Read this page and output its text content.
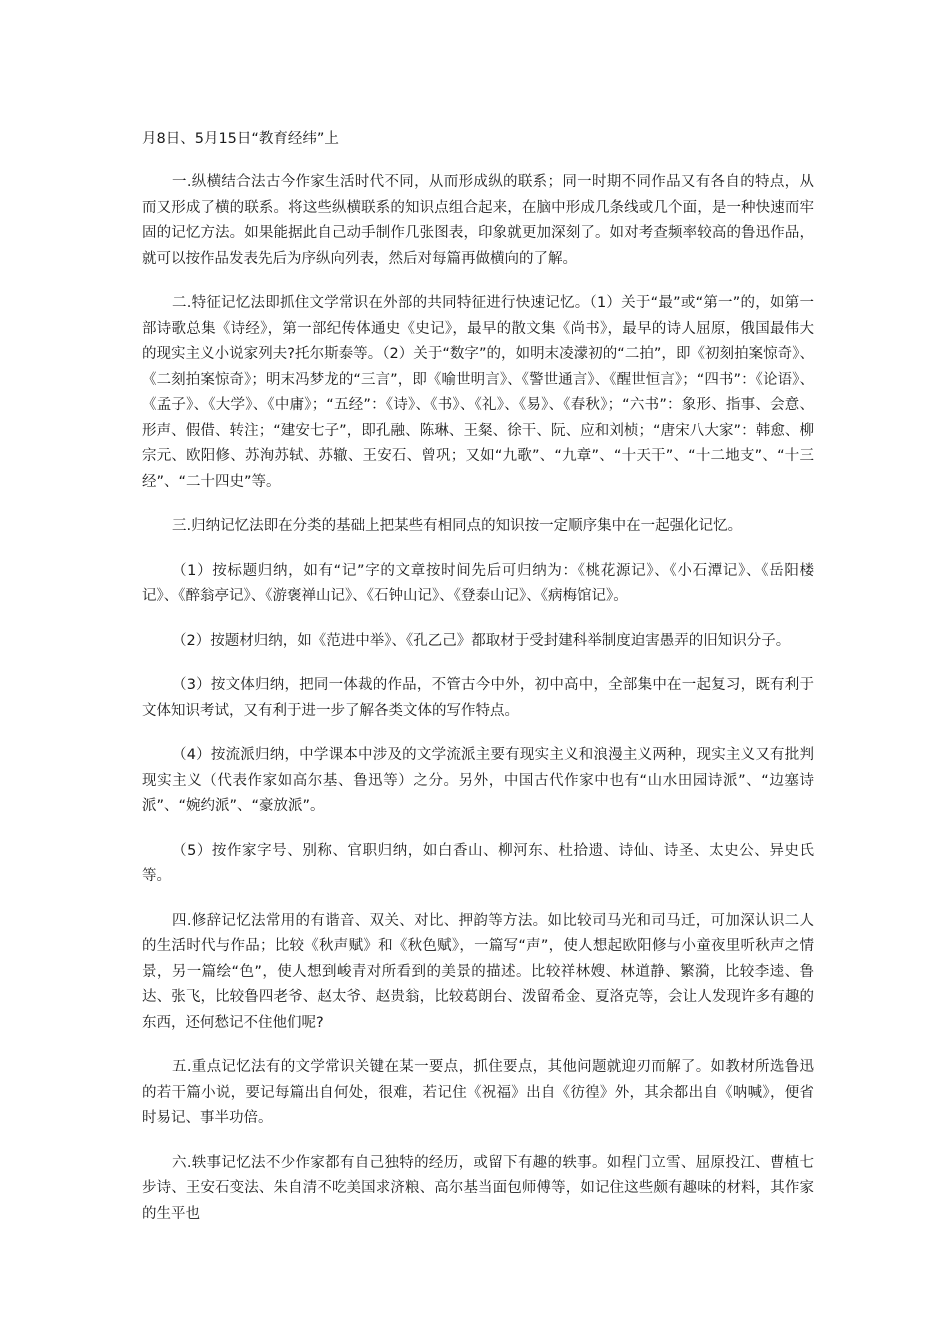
月8日、5月15日“教育经纬”上

一.纵横结合法古今作家生活时代不同，从而形成纵的联系；同一时期不同作品又有各自的特点，从而又形成了横的联系。将这些纵横联系的知识点组合起来，在脑中形成几条线或几个面，是一种快速而牢固的记忆方法。如果能据此自己动手制作几张图表，印象就更加深刻了。如对考查频率较高的鲁迅作品，就可以按作品发表先后为序纵向列表，然后对每篇再做横向的了解。

二.特征记忆法即抓住文学常识在外部的共同特征进行快速记忆。（1）关于“最”或“第一”的，如第一部诗歌总集《诗经》，第一部纪传体通史《史记》，最早的散文集《尚书》，最早的诗人屈原，俄国最伟大的现实主义小说家列夫?托尔斯泰等。（2）关于“数字”的，如明末凌濛初的“二拍”，即《初刻拍案惊奇》、《二刻拍案惊奇》；明末冯梦龙的“三言”，即《喻世明言》、《警世通言》、《醒世恒言》；“四书”：《论语》、《孟子》、《大学》、《中庸》；“五经”：《诗》、《书》、《礼》、《易》、《春秋》；“六书”：象形、指事、会意、形声、假借、转注；“建安七子”，即孔融、陈琳、王粲、徐干、阮、应和刘桢；“唐宋八大家”：韩愈、柳宗元、欧阳修、苏洵苏轼、苏辙、王安石、曾巩；又如“九歌”、“九章”、“十天干”、“十二地支”、“十三经”、“二十四史”等。

三.归纳记忆法即在分类的基础上把某些有相同点的知识按一定顺序集中在一起强化记忆。

（1）按标题归纳，如有“记”字的文章按时间先后可归纳为：《桃花源记》、《小石潭记》、《岳阳楼记》、《醉翁亭记》、《游褒禅山记》、《石钟山记》、《登泰山记》、《病梅馆记》。

（2）按题材归纳，如《范进中举》、《孔乙己》都取材于受封建科举制度迫害愚弄的旧知识分子。

（3）按文体归纳，把同一体裁的作品，不管古今中外，初中高中，全部集中在一起复习，既有利于文体知识考试，又有利于进一步了解各类文体的写作特点。

（4）按流派归纳，中学课本中涉及的文学流派主要有现实主义和浪漫主义两种，现实主义又有批判现实主义（代表作家如高尔基、鲁迅等）之分。另外，中国古代作家中也有“山水田园诗派”、“边塞诗派”、“婉约派”、“豪放派”。

（5）按作家字号、别称、官职归纳，如白香山、柳河东、杜拾遗、诗仙、诗圣、太史公、异史氏等。

四.修辞记忆法常用的有谐音、双关、对比、押韵等方法。如比较司马光和司马迁，可加深认识二人的生活时代与作品；比较《秋声赋》和《秋色赋》，一篇写“声”，使人想起欧阳修与小童夜里听秋声之情景，另一篇绘“色”，使人想到峻青对所看到的美景的描述。比较祥林嫂、林道静、繁漪，比较李逵、鲁达、张飞，比较鲁四老爷、赵太爷、赵贵翁，比较葛朗台、泼留希金、夏洛克等，会让人发现许多有趣的东西，还何愁记不住他们呢?

五.重点记忆法有的文学常识关键在某一要点，抓住要点，其他问题就迎刃而解了。如教材所选鲁迅的若干篇小说，要记每篇出自何处，很难，若记住《祝福》出自《彷徨》外，其余都出自《呐喊》，便省时易记、事半功倍。

六.轶事记忆法不少作家都有自己独特的经历，或留下有趣的轶事。如程门立雪、屈原投江、曹植七步诗、王安石变法、朱自清不吃美国求济粮、高尔基当面包师傅等，如记住这些颇有趣味的材料，其作家的生平也
